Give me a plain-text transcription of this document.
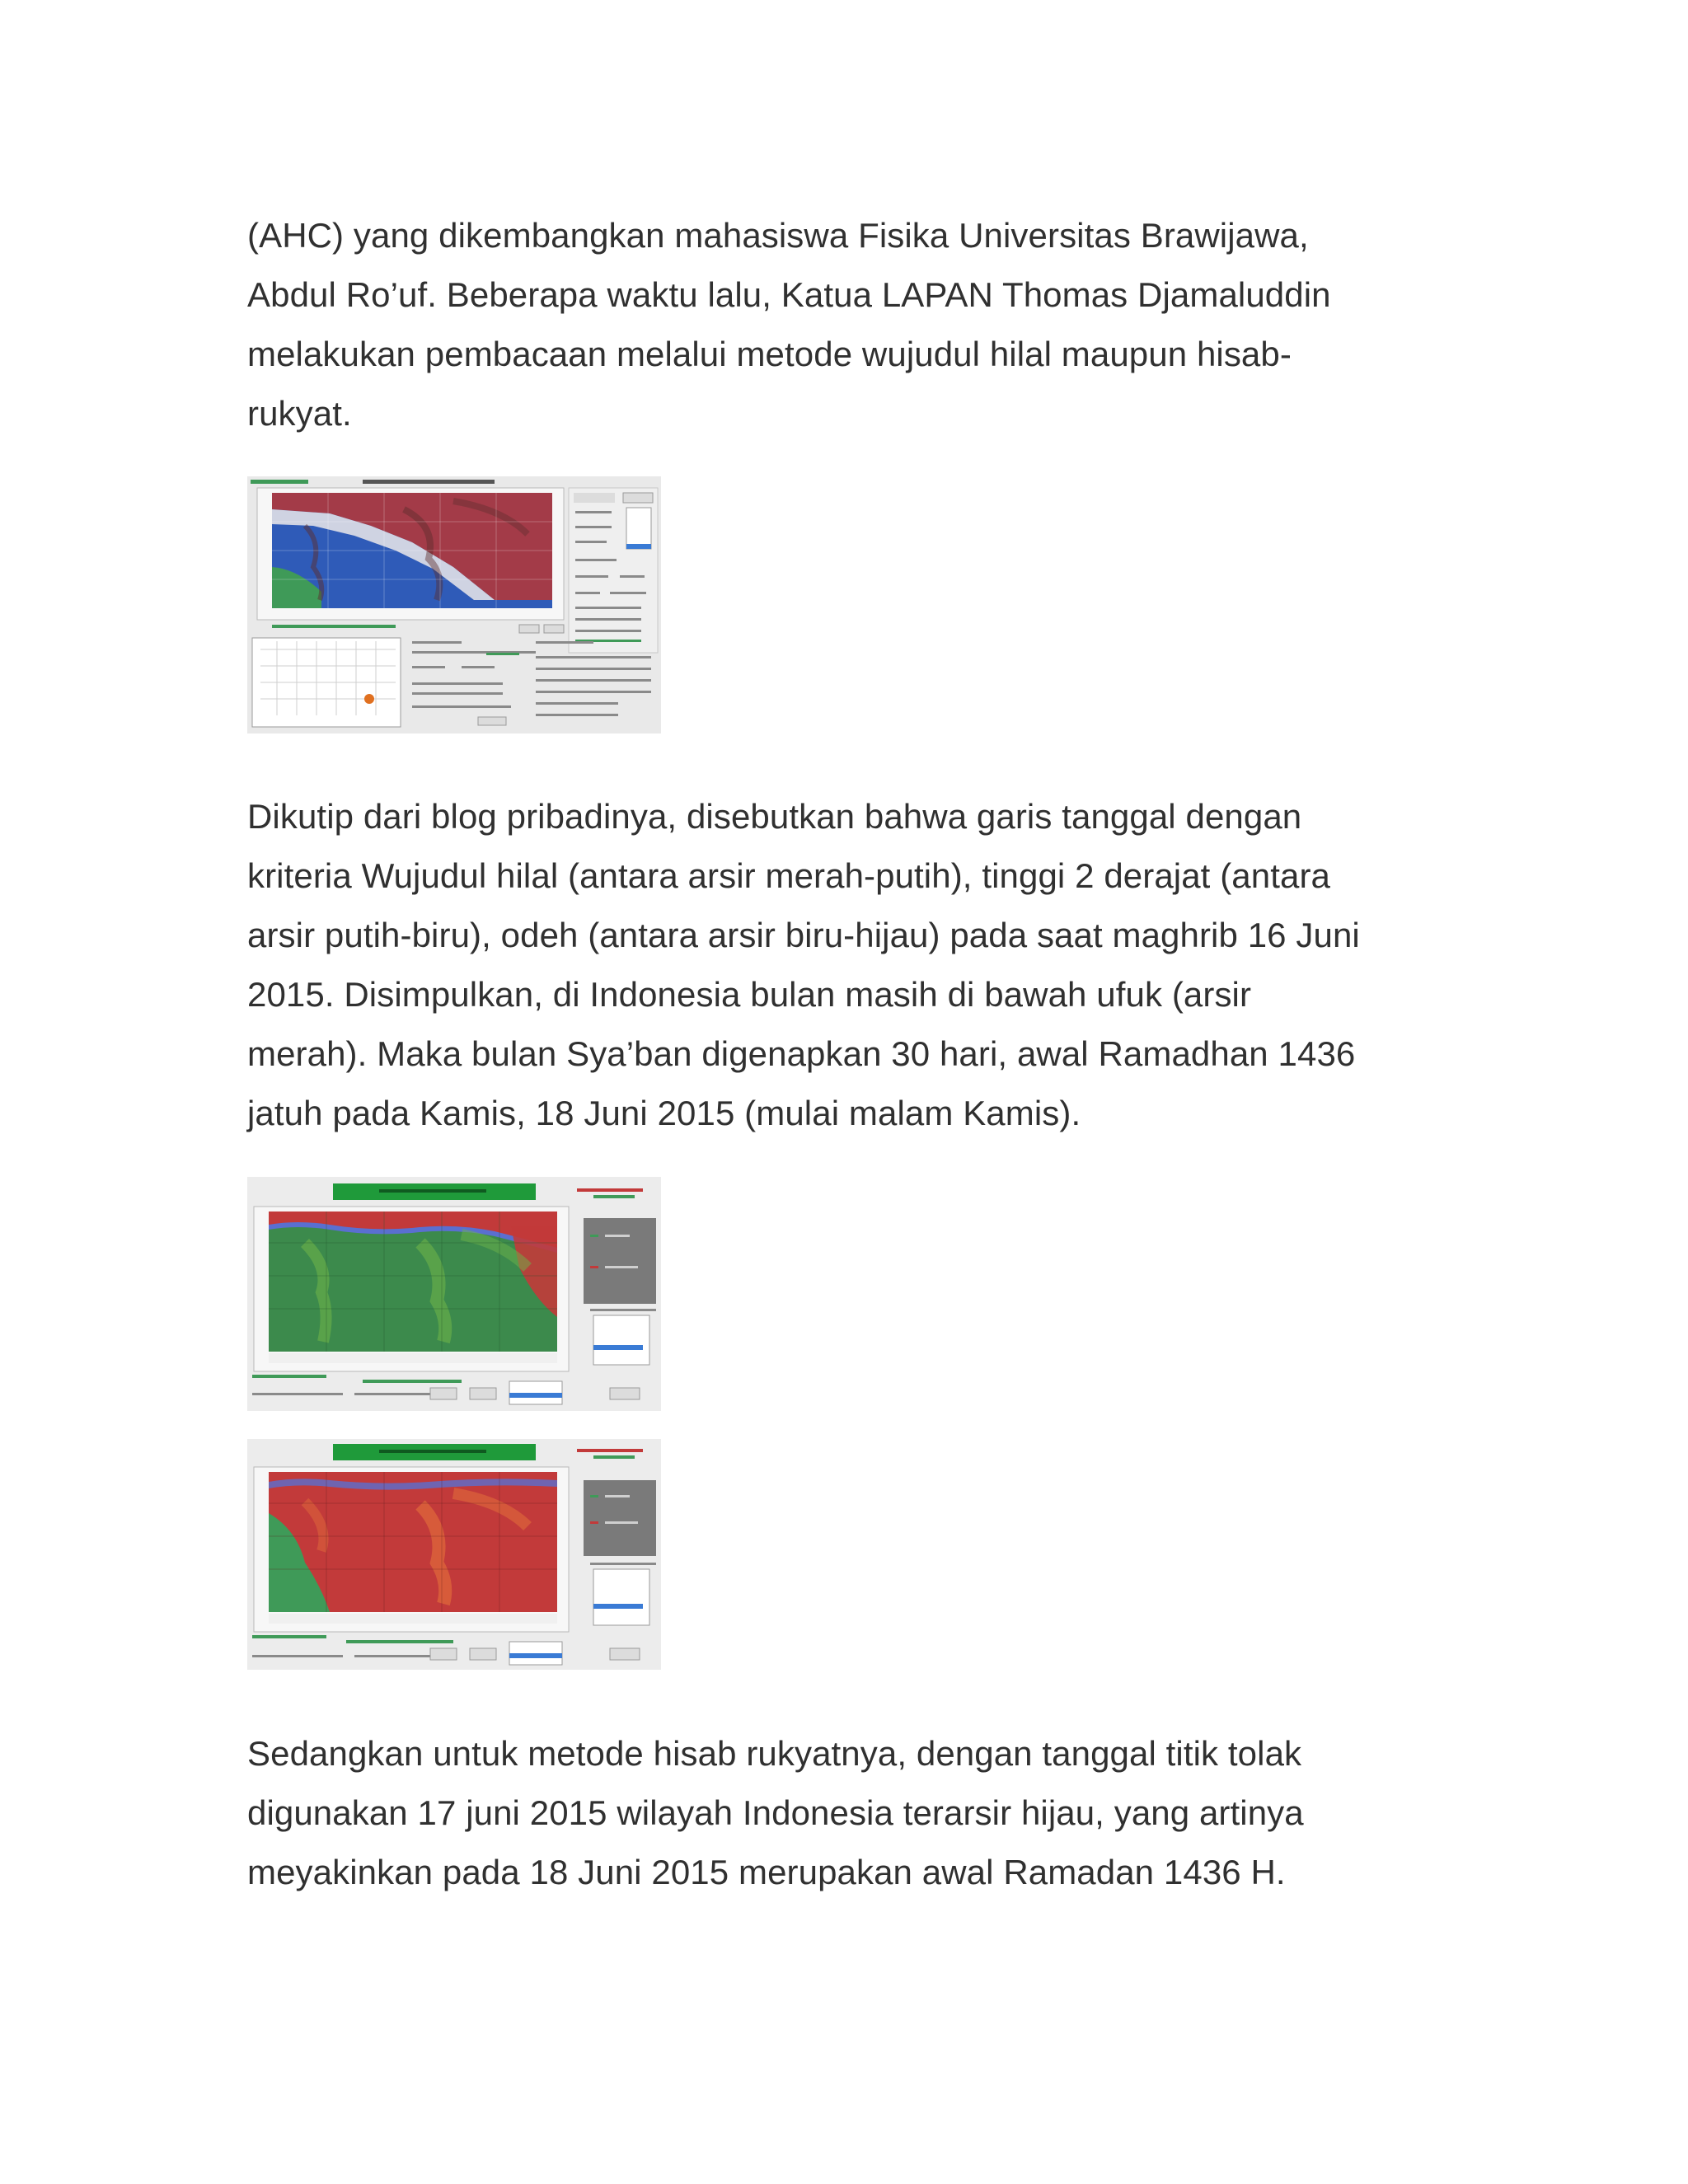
(AHC) yang dikembangkan mahasiswa Fisika Universitas Brawijawa,
Abdul Ro’uf. Beberapa waktu lalu, Katua LAPAN Thomas Djamaluddin
melakukan pembacaan melalui metode wujudul hilal maupun hisab-
rukyat.

Dikutip dari blog pribadinya, disebutkan bahwa garis tanggal dengan
kriteria Wujudul hilal (antara arsir merah-putih), tinggi 2 derajat (antara
arsir putih-biru), odeh (antara arsir biru-hijau) pada saat maghrib 16 Juni
2015. Disimpulkan, di Indonesia bulan masih di bawah ufuk (arsir
merah). Maka bulan Sya’ban digenapkan 30 hari, awal Ramadhan 1436
jatuh pada Kamis, 18 Juni 2015 (mulai malam Kamis).

Sedangkan untuk metode hisab rukyatnya, dengan tanggal titik tolak
digunakan 17 juni 2015 wilayah Indonesia terarsir hijau, yang artinya
meyakinkan pada 18 Juni 2015 merupakan awal Ramadan 1436 H.
